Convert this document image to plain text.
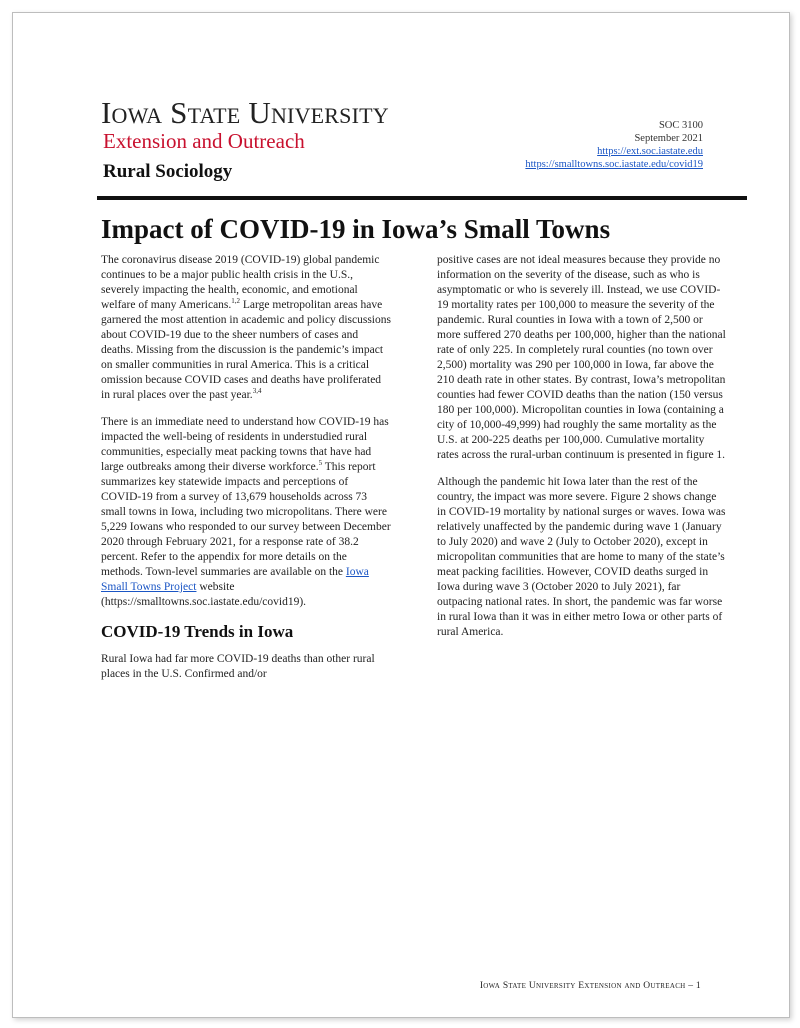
Iowa State University
Extension and Outreach
Rural Sociology
SOC 3100
September 2021
https://ext.soc.iastate.edu
https://smalltowns.soc.iastate.edu/covid19
Impact of COVID-19 in Iowa’s Small Towns

The coronavirus disease 2019 (COVID-19) global pandemic continues to be a major public health crisis in the U.S., severely impacting the health, economic, and emotional welfare of many Americans.$^{1,2}$ Large metropolitan areas have garnered the most attention in academic and policy discussions about COVID-19 due to the sheer numbers of cases and deaths. Missing from the discussion is the pandemic’s impact on smaller communities in rural America. This is a critical omission because COVID cases and deaths have proliferated in rural places over the past year.$^{3,4}$

There is an immediate need to understand how COVID-19 has impacted the well-being of residents in understudied rural communities, especially meat packing towns that have had large outbreaks among their diverse workforce.$^5$ This report summarizes key statewide impacts and perceptions of COVID-19 from a survey of 13,679 households across 73 small towns in Iowa, including two micropolitans. There were 5,229 Iowans who responded to our survey between December 2020 through February 2021, for a response rate of 38.2 percent. Refer to the appendix for more details on the methods. Town-level summaries are available on the Iowa Small Towns Project website (https://smalltowns.soc.iastate.edu/covid19).

COVID-19 Trends in Iowa

Rural Iowa had far more COVID-19 deaths than other rural places in the U.S. Confirmed and/or

positive cases are not ideal measures because they provide no information on the severity of the disease, such as who is asymptomatic or who is severely ill. Instead, we use COVID-19 mortality rates per 100,000 to measure the severity of the pandemic. Rural counties in Iowa with a town of 2,500 or more suffered 270 deaths per 100,000, higher than the national rate of only 225. In completely rural counties (no town over 2,500) mortality was 290 per 100,000 in Iowa, far above the 210 death rate in other states. By contrast, Iowa’s metropolitan counties had fewer COVID deaths than the nation (150 versus 180 per 100,000). Micropolitan counties in Iowa (containing a city of 10,000-49,999) had roughly the same mortality as the U.S. at 200-225 deaths per 100,000. Cumulative mortality rates across the rural-urban continuum is presented in figure 1.

Although the pandemic hit Iowa later than the rest of the country, the impact was more severe. Figure 2 shows change in COVID-19 mortality by national surges or waves. Iowa was relatively unaffected by the pandemic during wave 1 (January to July 2020) and wave 2 (July to October 2020), except in micropolitan communities that are home to many of the state’s meat packing facilities. However, COVID deaths surged in Iowa during wave 3 (October 2020 to July 2021), far outpacing national rates. In short, the pandemic was far worse in rural Iowa than it was in either metro Iowa or other parts of rural America.

Iowa State University Extension and Outreach – 1
